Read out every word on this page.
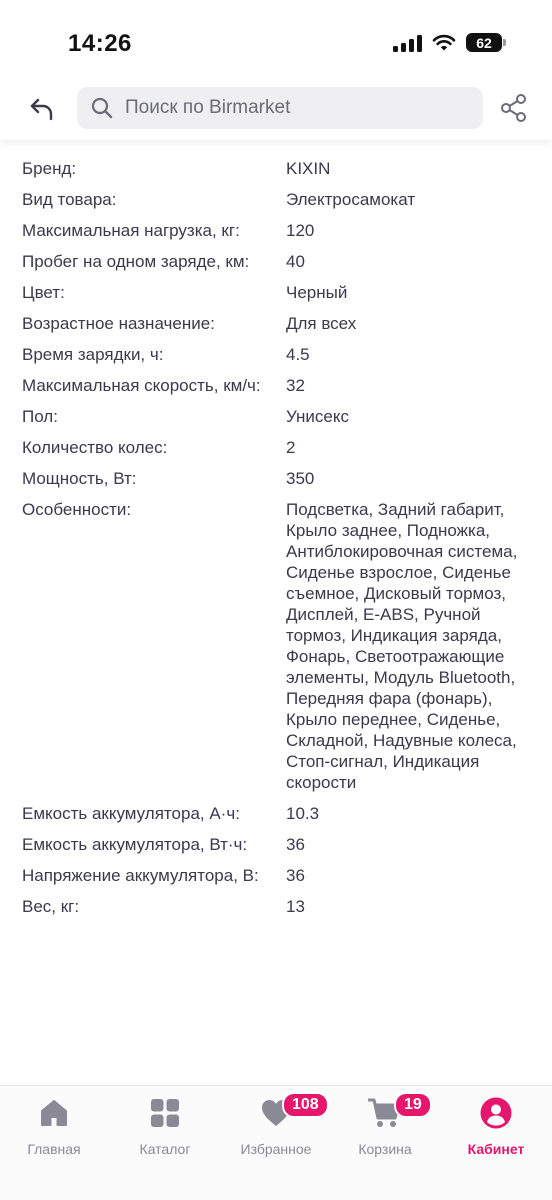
14:26	62
Поиск по Birmarket
Бренд:	KIXIN
Вид товара:	Электросамокат
Максимальная нагрузка, кг:	120
Пробег на одном заряде, км:	40
Цвет:	Черный
Возрастное назначение:	Для всех
Время зарядки, ч:	4.5
Максимальная скорость, км/ч:	32
Пол:	Унисекс
Количество колес:	2
Мощность, Вт:	350
Особенности:	Подсветка, Задний габарит, Крыло заднее, Подножка, Антиблокировочная система, Сиденье взрослое, Сиденье съемное, Дисковый тормоз, Дисплей, E-ABS, Ручной тормоз, Индикация заряда, Фонарь, Светоотражающие элементы, Модуль Bluetooth, Передняя фара (фонарь), Крыло переднее, Сиденье, Складной, Надувные колеса, Стоп-сигнал, Индикация скорости
Емкость аккумулятора, А·ч:	10.3
Емкость аккумулятора, Вт·ч:	36
Напряжение аккумулятора, В:	36
Вес, кг:	13
Главная	Каталог
108
Избранное
19
Корзина	Кабинет
